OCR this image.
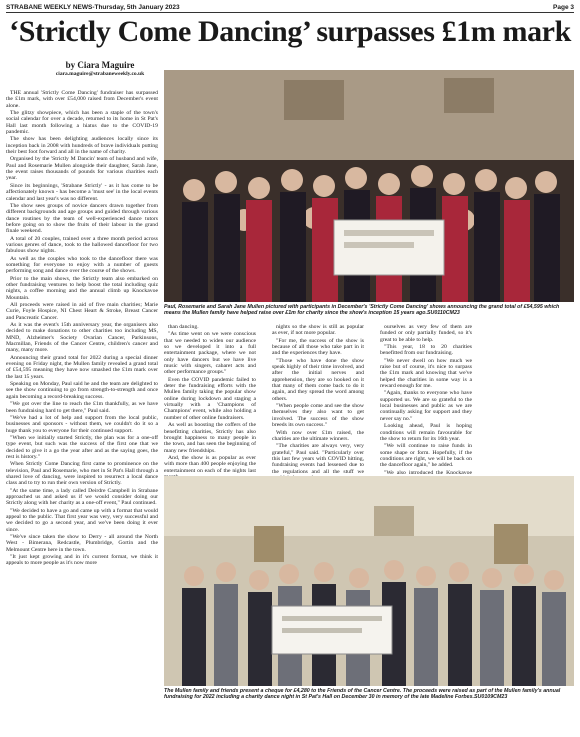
STRABANE WEEKLY NEWS-Thursday, 5th January 2023	Page 3
‘Strictly Come Dancing’ surpasses £1m mark
by Ciara Maguire
ciara.maguire@strabaneweekly.co.uk

THE annual 'Strictly Come Dancing' fundraiser has surpassed the £1m mark, with over £54,000 raised from December's event alone.

The glitzy showpiece, which has been a staple of the town's social calendar for over a decade, returned to its home in St Pat's Hall last month following a hiatus due to the COVID-19 pandemic.

The show has been delighting audiences locally since its inception back in 2008 with hundreds of brave individuals putting their best foot forward and all in the name of charity.

Organised by the 'Strictly M Dancin' team of husband and wife, Paul and Rosemarie Mullen alongside their daughter, Sarah Jane, the event raises thousands of pounds for various charities each year.

Since its beginnings, 'Strabane Strictly' - as it has come to be affectionately known - has become a 'must see' in the local events calendar and last year's was no different.

The show sees groups of novice dancers drawn together from different backgrounds and age groups and guided through various dance routines by the team of well-experienced dance tutors before going on to show the fruits of their labour in the grand finale weekend.

A total of 20 couples, trained over a three month period across various genres of dance, took to the hallowed dancefloor for two fabulous show nights.

As well as the couples who took to the dancefloor there was something for everyone to enjoy with a number of guests performing song and dance over the course of the shows.

Prior to the main shows, the Strictly team also embarked on other fundraising ventures to help boost the total including quiz nights, a coffee morning and the annual climb up Knockavoe Mountain.

All proceeds were raised in aid of five main charities; Marie Curie, Foyle Hospice, NI Chest Heart & Stroke, Breast Cancer and Pancreatic Cancer.

As it was the event's 15th anniversary year, the organisers also decided to make donations to other charities too including MS, MND, Alzheimer's Society Ovarian Cancer, Parkinsons, Macmillan, Friends of the Cancer Centre, children's cancer and many, many more.

Announcing their grand total for 2022 during a special dinner evening on Friday night, the Mullen family revealed a grand total of £54,595 meaning they have now smashed the £1m mark over the last 15 years.

Speaking on Monday, Paul said he and the team are delighted to see the show continuing to go from strength-to-strength and once again becoming a record-breaking success.

"We got over the line to reach the £1m thankfully, as we have been fundraising hard to get there," Paul said.

"We've had a lot of help and support from the local public, businesses and sponsors - without them, we couldn't do it so a huge thank you to everyone for their continued support.

"When we initially started Strictly, the plan was for a one-off type event, but such was the success of the first one that we decided to give it a go the year after and as the saying goes, the rest is history."

When Strictly Come Dancing first came to prominence on the television, Paul and Rosemarie, who met in St Pat's Hall through a shared love of dancing, were inspired to resurrect a local dance class and to try to run their own version of Strictly.

"At the same time, a lady called Deirdre Campbell in Strabane approached us and asked us if we would consider doing our Strictly along with her charity as a one-off event," Paul continued.

"We decided to have a go and came up with a format that would appeal to the public. That first year was very, very successful and we decided to go a second year, and we've been doing it ever since.

"We've since taken the show to Derry - all around the North West - Bimerana, Redcastle, Plumbridge, Gortin and the Melmount Centre here in the town.

"It just kept growing and in it's current format, we think it appeals to more people as it's now more

Paul, Rosemarie and Sarah Jane Mullen pictured with participants in December's 'Strictly Come Dancing' shows announcing the grand total of £54,595 which means the Mullen family have helped raise over £1m for charity since the show's inception 15 years ago.SU0110CM23

than dancing.

"As time went on we were conscious that we needed to widen our audience so we developed it into a full entertainment package, where we not only have dancers but we have live music with singers, cabaret acts and other performance groups."

Even the COVID pandemic failed to deter the fundraising efforts with the Mullen family taking the popular show online during lockdown and staging a virtually with a 'Champions of Champions' event, while also holding a number of other online fundraisers.

As well as boosting the coffers of the benefitting charities, Strictly has also brought happiness to many people in the town, and has seen the beginning of many new friendships.

And, the show is as popular as ever with more than 400 people enjoying the entertainment on each of the nights last

nights so the show is still as popular as ever, if not more popular.

"For me, the success of the show is because of all those who take part in it and the experiences they have.

"Those who have done the show speak highly of their time involved, and after the initial nerves and apprehension, they are so hooked on it that many of them come back to do it again, and they spread the word among others.

"When people come and see the show themselves they also want to get involved. The success of the show breeds its own success."

With now over £1m raised, the charities are the ultimate winners.

"The charities are always very, very grateful," Paul said. "Particularly over this last few years with COVID hitting, fundraising events had lessened due to the regulations and all the stuff we

ourselves as very few of them are funded or only partially funded, so it's great to be able to help.

"This year, 18 to 20 charities benefitted from our fundraising.

"We never dwell on how much we raise but of course, it's nice to surpass the £1m mark and knowing that we've helped the charities in some way is a reward enough for me.

"Again, thanks to everyone who have supported us. We are so grateful to the local businesses and public as we are continually asking for support and they never say no."

Looking ahead, Paul is hoping conditions will remain favourable for the show to return for its 16th year.

"We will continue to raise funds in some shape or form. Hopefully, if the conditions are right, we will be back on the dancefloor again," he added.

"We also introduced the Knockavoe

The Mullen family and friends present a cheque for £4,280 to the Friends of the Cancer Centre. The proceeds were raised as part of the Mullen family's annual fundraising for 2022 including a charity dance night in St Pat's Hall on December 30 in memory of the late Madeline Forbes.SU0109CM23
